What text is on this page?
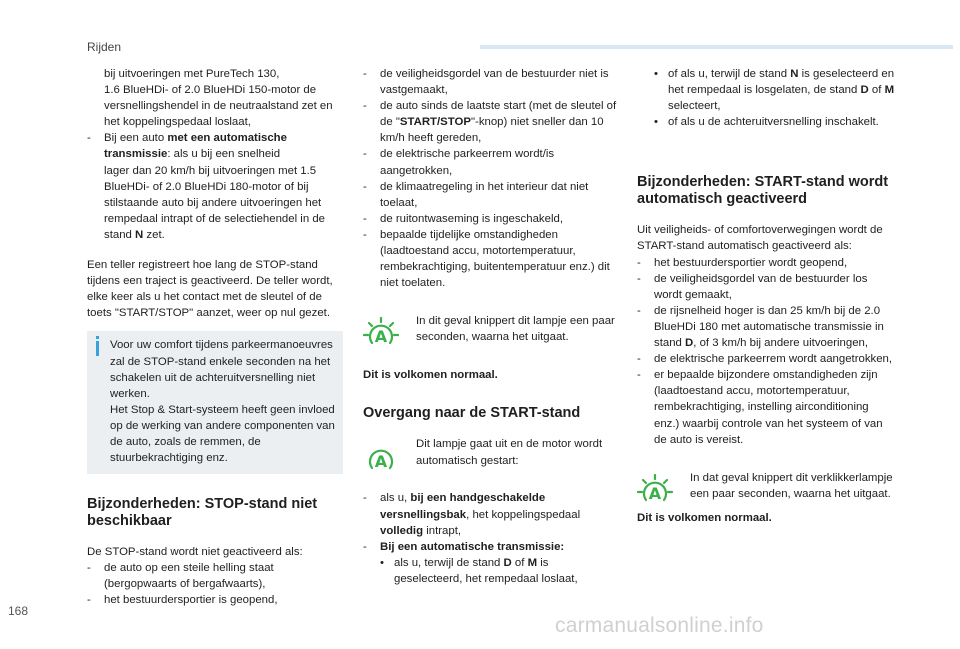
Rijden

bij uitvoeringen met PureTech 130,

1.6 BlueHDi- of 2.0 BlueHDi 150-motor de versnellingshendel in de neutraalstand zet en het koppelingspedaal loslaat,

-	Bij een auto met een automatische transmissie: als u bij een snelheid
lager dan 20 km/h bij uitvoeringen met 1.5 BlueHDi- of 2.0 BlueHDi 180-motor of bij stilstaande auto bij andere uitvoeringen het rempedaal intrapt of de selectiehendel in de stand N zet.

Een teller registreert hoe lang de STOP-stand tijdens een traject is geactiveerd. De teller wordt, elke keer als u het contact met de sleutel of de toets "START/STOP" aanzet, weer op nul gezet.

Voor uw comfort tijdens parkeermanoeuvres zal de STOP-stand enkele seconden na het schakelen uit de achteruitversnelling niet werken.
Het Stop & Start-systeem heeft geen invloed op de werking van andere componenten van de auto, zoals de remmen, de stuurbekrachtiging enz.

Bijzonderheden: STOP-stand niet beschikbaar

De STOP-stand wordt niet geactiveerd als:

-	de auto op een steile helling staat (bergopwaarts of bergafwaarts),
-	het bestuurdersportier is geopend,
-	de veiligheidsgordel van de bestuurder niet is vastgemaakt,
-	de auto sinds de laatste start (met de sleutel of de "START/STOP"-knop) niet sneller dan 10 km/h heeft gereden,
-	de elektrische parkeerrem wordt/is aangetrokken,
-	de klimaatregeling in het interieur dat niet toelaat,
-	de ruitontwaseming is ingeschakeld,
-	bepaalde tijdelijke omstandigheden (laadtoestand accu, motortemperatuur, rembekrachtiging, buitentemperatuur enz.) dit niet toelaten.
A

In dit geval knippert dit lampje een paar seconden, waarna het uitgaat.

Dit is volkomen normaal.

Overgang naar de START-stand
A

Dit lampje gaat uit en de motor wordt automatisch gestart:

-	als u, bij een handgeschakelde versnellingsbak, het koppelingspedaal volledig intrapt,
-	Bij een automatische transmissie:
• als u, terwijl de stand D of M is geselecteerd, het rempedaal loslaat,
• of als u, terwijl de stand N is geselecteerd en het rempedaal is losgelaten, de stand D of M selecteert,
• of als u de achteruitversnelling inschakelt.
Bijzonderheden: START-stand wordt automatisch geactiveerd

Uit veiligheids- of comfortoverwegingen wordt de START-stand automatisch geactiveerd als:

-	het bestuurdersportier wordt geopend,
-	de veiligheidsgordel van de bestuurder los wordt gemaakt,
-	de rijsnelheid hoger is dan 25 km/h bij de 2.0 BlueHDi 180 met automatische transmissie in stand D, of 3 km/h bij andere uitvoeringen,
-	de elektrische parkeerrem wordt aangetrokken,
-	er bepaalde bijzondere omstandigheden zijn (laadtoestand accu, motortemperatuur, rembekrachtiging, instelling airconditioning enz.) waarbij controle van het systeem of van de auto is vereist.
A

In dat geval knippert dit verklikkerlampje een paar seconden, waarna het uitgaat.

Dit is volkomen normaal.

168
carmanualsonline.info
